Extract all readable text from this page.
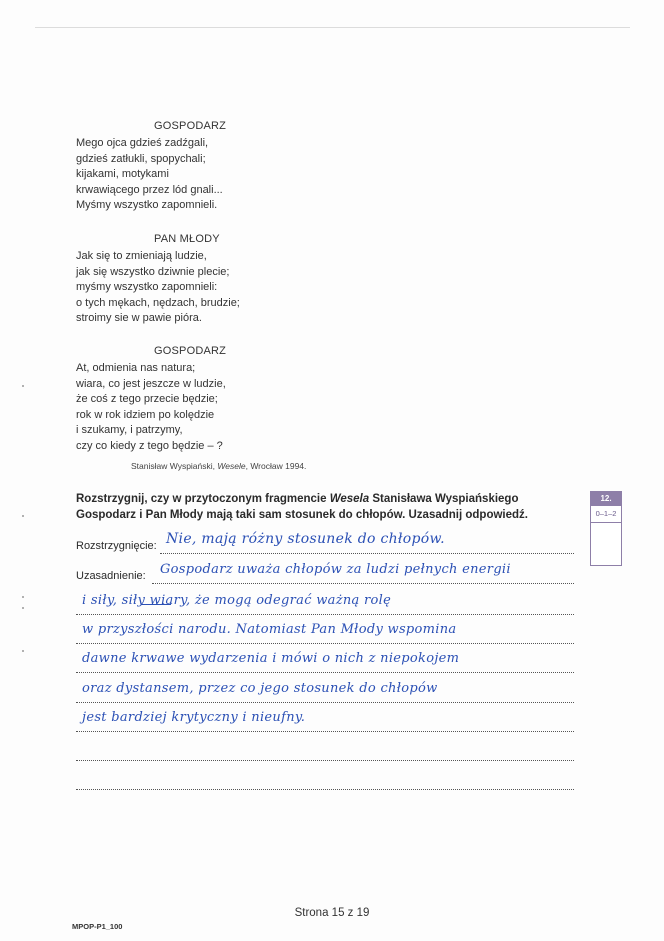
GOSPODARZ
Mego ojca gdzieś zadźgali,
gdzieś zatłukli, spopychali;
kijakami, motykami
krwawiącego przez lód gnali...
Myśmy wszystko zapomnieli.
PAN MŁODY
Jak się to zmieniają ludzie,
jak się wszystko dziwnie plecie;
myśmy wszystko zapomnieli:
o tych mękach, nędzach, brudzie;
stroimy sie w pawie pióra.
GOSPODARZ
At, odmienia nas natura;
wiara, co jest jeszcze w ludzie,
że coś z tego przecie będzie;
rok w rok idziem po kolędzie
i szukamy, i patrzymy,
czy co kiedy z tego będzie – ?
Stanisław Wyspiański, Wesele, Wrocław 1994.
Rozstrzygnij, czy w przytoczonym fragmencie Wesela Stanisława Wyspiańskiego Gospodarz i Pan Młody mają taki sam stosunek do chłopów. Uzasadnij odpowiedź.
12.
0–1–2
Rozstrzygnięcie: Nie, mają różny stosunek do chłopów.
Uzasadnienie: Gospodarz uważa chłopów za ludzi pełnych energii
i siły, siły wiary, że mogą odegrać ważną rolę
w przyszłości narodu. Natomiast Pan Młody wspomina
dawne krwawe wydarzenia i mówi o nich z niepokojem
oraz dystansem, przez co jego stosunek do chłopów
jest bardziej krytyczny i nieufny.
Strona 15 z 19
MPOP-P1_100
